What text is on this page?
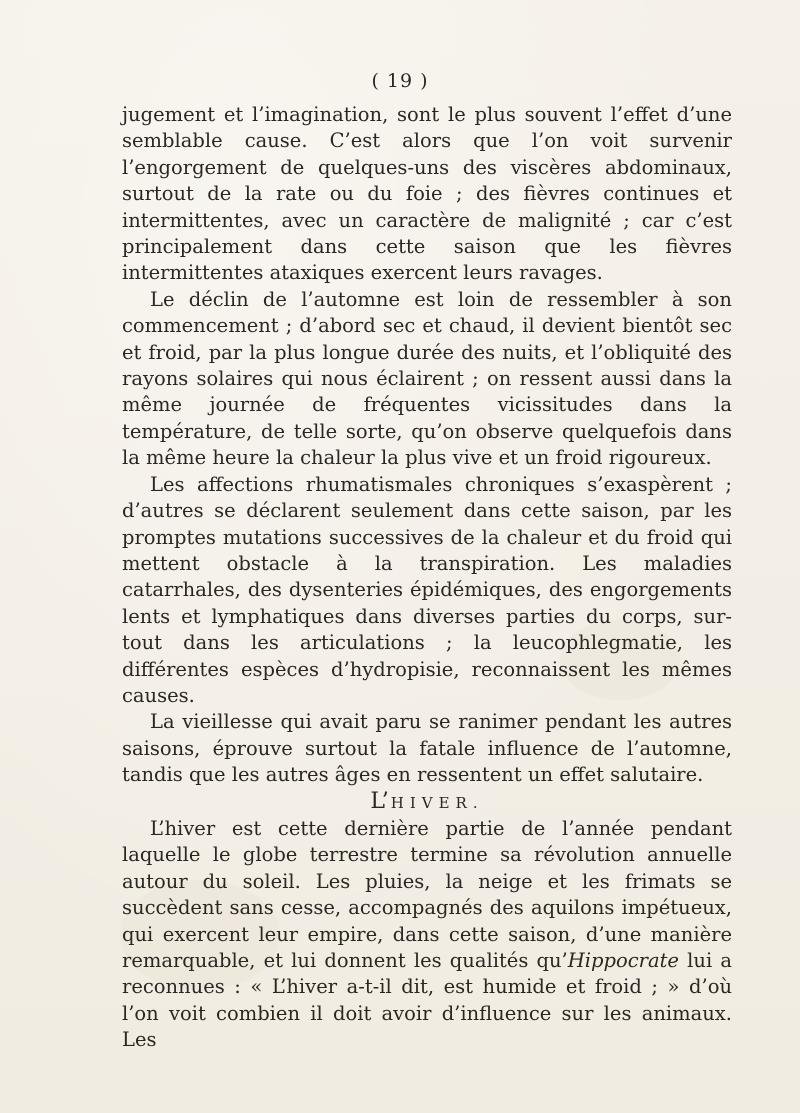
( 19 )

jugement et l’imagination, sont le plus souvent l’effet d’une semblable cause. C’est alors que l’on voit survenir l’engorgement de quelques-uns des viscères abdominaux, surtout de la rate ou du foie ; des fièvres continues et intermittentes, avec un caractère de malignité ; car c’est principalement dans cette saison que les fièvres intermittentes ataxiques exercent leurs ravages.

Le déclin de l’automne est loin de ressembler à son commencement ; d’abord sec et chaud, il devient bientôt sec et froid, par la plus longue durée des nuits, et l’obliquité des rayons solaires qui nous éclairent ; on ressent aussi dans la même journée de fréquentes vicissitudes dans la température, de telle sorte, qu’on observe quelquefois dans la même heure la chaleur la plus vive et un froid rigoureux.

Les affections rhumatismales chroniques s’exaspèrent ; d’autres se déclarent seulement dans cette saison, par les promptes mutations successives de la chaleur et du froid qui mettent obstacle à la transpiration. Les maladies catarrhales, des dysenteries épidémiques, des engorgements lents et lymphatiques dans diverses parties du corps, sur-tout dans les articulations ; la leucophlegmatie, les différentes espèces d’hydropisie, reconnaissent les mêmes causes.

La vieillesse qui avait paru se ranimer pendant les autres saisons, éprouve surtout la fatale influence de l’automne, tandis que les autres âges en ressentent un effet salutaire.

L’HIVER.

L’hiver est cette dernière partie de l’année pendant laquelle le globe terrestre termine sa révolution annuelle autour du soleil. Les pluies, la neige et les frimats se succèdent sans cesse, accompagnés des aquilons impétueux, qui exercent leur empire, dans cette saison, d’une manière remarquable, et lui donnent les qualités qu’Hippocrate lui a reconnues : « L’hiver a-t-il dit, est humide et froid ; » d’où l’on voit combien il doit avoir d’influence sur les animaux. Les
